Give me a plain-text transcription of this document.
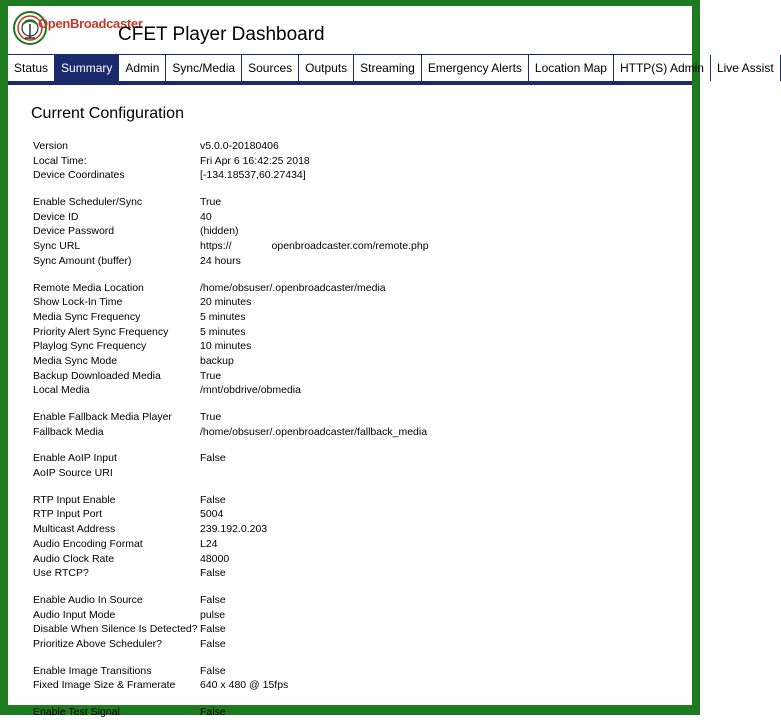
OpenBroadcaster
CFET Player Dashboard
Status	Summary	Admin	Sync/Media	Sources	Outputs	Streaming	Emergency Alerts	Location Map	HTTP(S) Admin	Live Assist
Current Configuration
Version	v5.0.0-20180406
Local Time:	Fri Apr 6 16:42:25 2018
Device Coordinates	[-134.18537,60.27434]
Enable Scheduler/Sync	True
Device ID	40
Device Password	(hidden)
Sync URL	https://	openbroadcaster.com/remote.php
Sync Amount (buffer)	24 hours
Remote Media Location	/home/obsuser/.openbroadcaster/media
Show Lock-In Time	20 minutes
Media Sync Frequency	5 minutes
Priority Alert Sync Frequency	5 minutes
Playlog Sync Frequency	10 minutes
Media Sync Mode	backup
Backup Downloaded Media	True
Local Media	/mnt/obdrive/obmedia
Enable Fallback Media Player	True
Fallback Media	/home/obsuser/.openbroadcaster/fallback_media
Enable AoIP Input	False
AoIP Source URI
RTP Input Enable	False
RTP Input Port	5004
Multicast Address	239.192.0.203
Audio Encoding Format	L24
Audio Clock Rate	48000
Use RTCP?	False
Enable Audio In Source	False
Audio Input Mode	pulse
Disable When Silence Is Detected? False
Prioritize Above Scheduler?	False
Enable Image Transitions	False
Fixed Image Size & Framerate 640 x 480 @ 15fps
Enable Test Signal	False
